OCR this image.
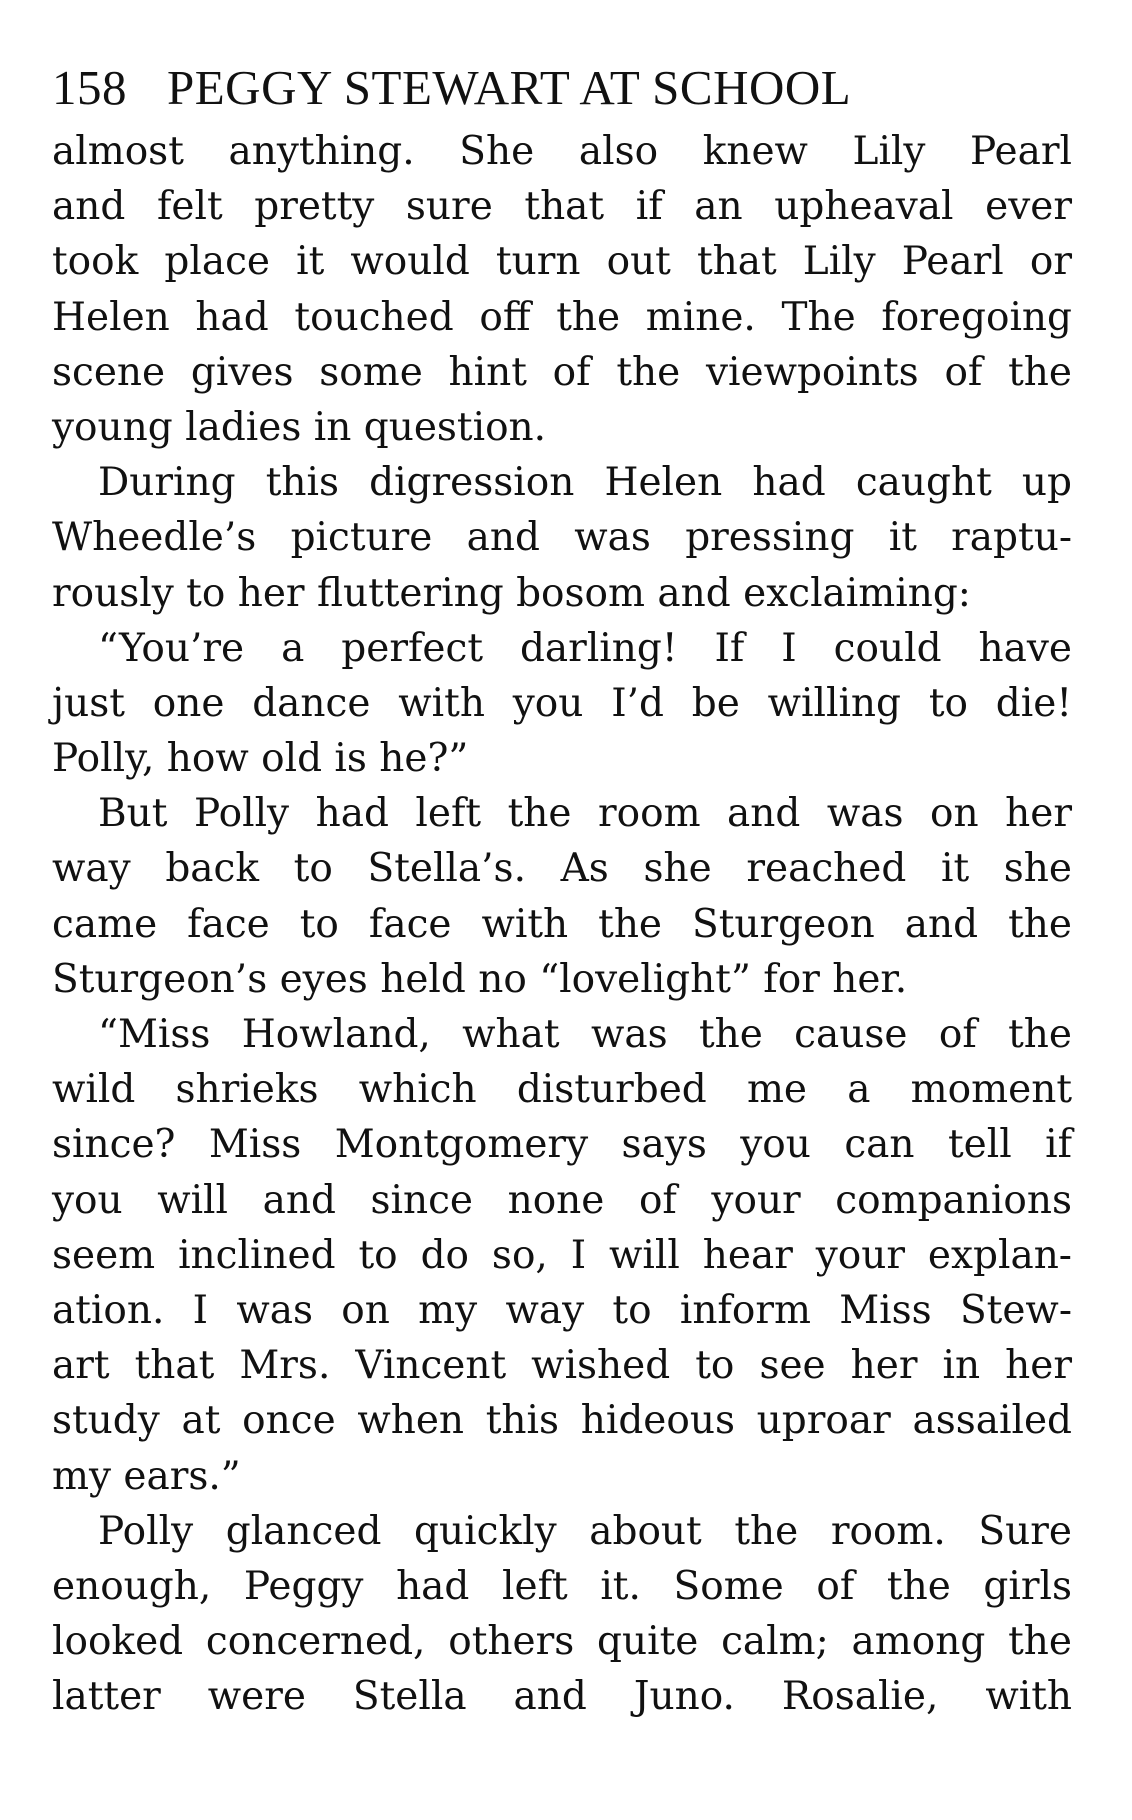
158 PEGGY STEWART AT SCHOOL
almost anything. She also knew Lily Pearl
and felt pretty sure that if an upheaval ever
took place it would turn out that Lily Pearl or
Helen had touched off the mine. The foregoing
scene gives some hint of the viewpoints of the
young ladies in question.
During this digression Helen had caught up
Wheedle’s picture and was pressing it raptu-
rously to her fluttering bosom and exclaiming:
“You’re a perfect darling! If I could have
just one dance with you I’d be willing to die!
Polly, how old is he?”
But Polly had left the room and was on her
way back to Stella’s. As she reached it she
came face to face with the Sturgeon and the
Sturgeon’s eyes held no “lovelight” for her.
“Miss Howland, what was the cause of the
wild shrieks which disturbed me a moment
since? Miss Montgomery says you can tell if
you will and since none of your companions
seem inclined to do so, I will hear your explan-
ation. I was on my way to inform Miss Stew-
art that Mrs. Vincent wished to see her in her
study at once when this hideous uproar assailed
my ears.”
Polly glanced quickly about the room. Sure
enough, Peggy had left it. Some of the girls
looked concerned, others quite calm; among the
latter were Stella and Juno. Rosalie, with
